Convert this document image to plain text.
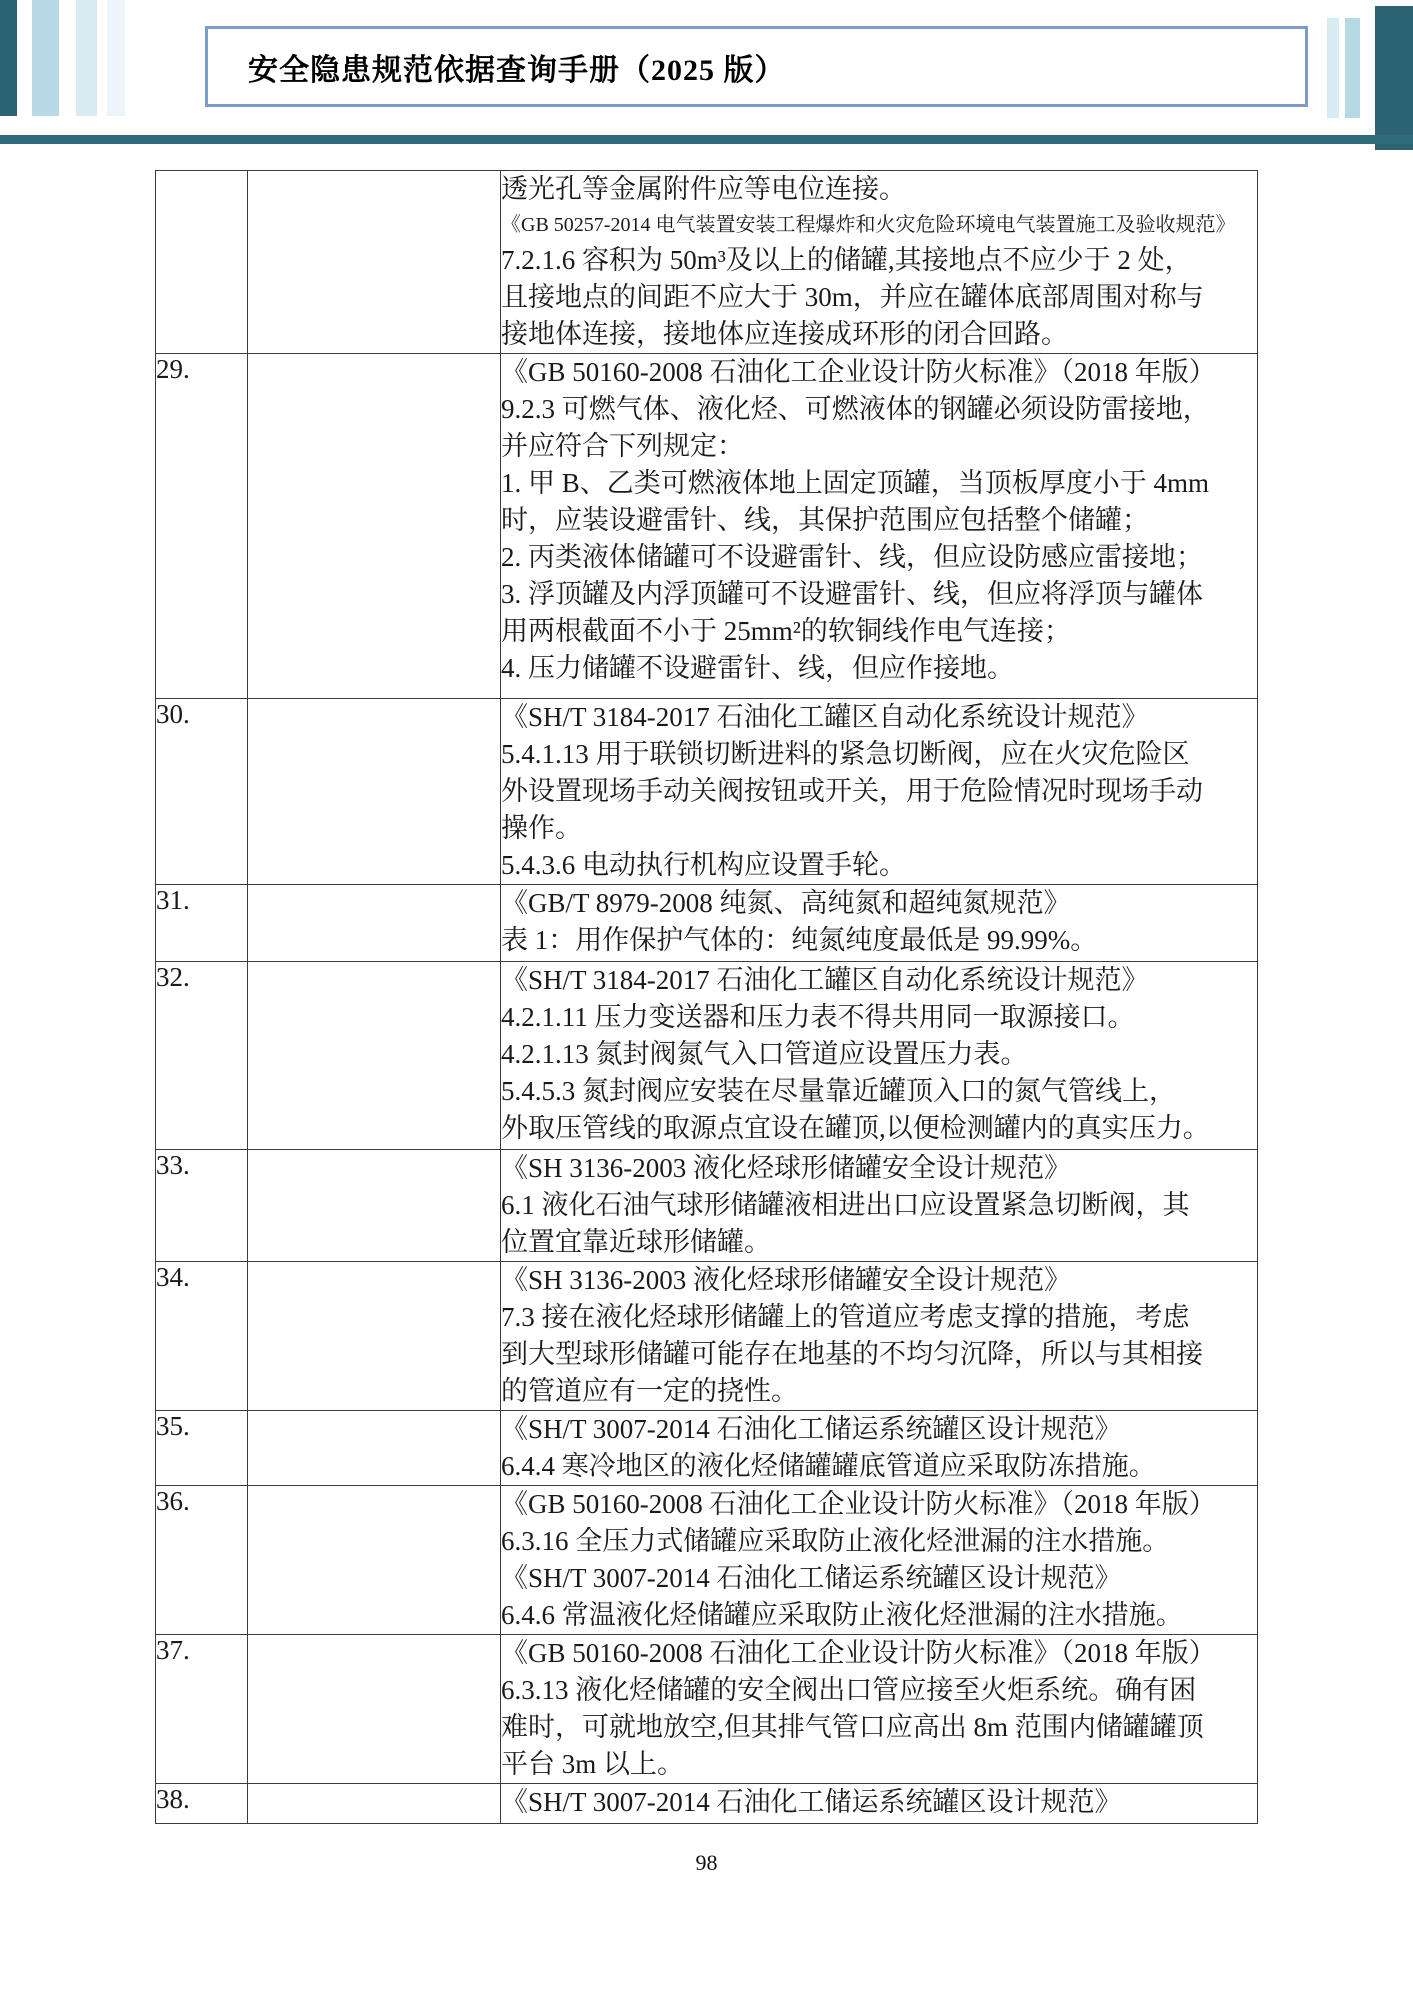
安全隐患规范依据查询手册（2025 版）

		透光孔等金属附件应等电位连接。
《GB 50257-2014 电气装置安装工程爆炸和火灾危险环境电气装置施工及验收规范》
7.2.1.6 容积为 50m³及以上的储罐,其接地点不应少于 2 处，
且接地点的间距不应大于 30m，并应在罐体底部周围对称与
接地体连接，接地体应连接成环形的闭合回路。

29.		《GB 50160-2008 石油化工企业设计防火标准》（2018 年版）
9.2.3 可燃气体、液化烃、可燃液体的钢罐必须设防雷接地，
并应符合下列规定：
1. 甲 B、乙类可燃液体地上固定顶罐，当顶板厚度小于 4mm
时，应装设避雷针、线，其保护范围应包括整个储罐；
2. 丙类液体储罐可不设避雷针、线，但应设防感应雷接地；
3. 浮顶罐及内浮顶罐可不设避雷针、线，但应将浮顶与罐体
用两根截面不小于 25mm²的软铜线作电气连接；
4. 压力储罐不设避雷针、线，但应作接地。

30.		《SH/T 3184-2017 石油化工罐区自动化系统设计规范》
5.4.1.13 用于联锁切断进料的紧急切断阀，应在火灾危险区
外设置现场手动关阀按钮或开关，用于危险情况时现场手动
操作。
5.4.3.6 电动执行机构应设置手轮。

31.		《GB/T 8979-2008 纯氮、高纯氮和超纯氮规范》
表 1：用作保护气体的：纯氮纯度最低是 99.99%。

32.		《SH/T 3184-2017 石油化工罐区自动化系统设计规范》
4.2.1.11 压力变送器和压力表不得共用同一取源接口。
4.2.1.13 氮封阀氮气入口管道应设置压力表。
5.4.5.3 氮封阀应安装在尽量靠近罐顶入口的氮气管线上，
外取压管线的取源点宜设在罐顶,以便检测罐内的真实压力。

33.		《SH 3136-2003 液化烃球形储罐安全设计规范》
6.1 液化石油气球形储罐液相进出口应设置紧急切断阀，其
位置宜靠近球形储罐。

34.		《SH 3136-2003 液化烃球形储罐安全设计规范》
7.3 接在液化烃球形储罐上的管道应考虑支撑的措施，考虑
到大型球形储罐可能存在地基的不均匀沉降，所以与其相接
的管道应有一定的挠性。

35.		《SH/T 3007-2014 石油化工储运系统罐区设计规范》
6.4.4 寒冷地区的液化烃储罐罐底管道应采取防冻措施。

36.		《GB 50160-2008 石油化工企业设计防火标准》（2018 年版）
6.3.16 全压力式储罐应采取防止液化烃泄漏的注水措施。
《SH/T 3007-2014 石油化工储运系统罐区设计规范》
6.4.6 常温液化烃储罐应采取防止液化烃泄漏的注水措施。

37.		《GB 50160-2008 石油化工企业设计防火标准》（2018 年版）
6.3.13 液化烃储罐的安全阀出口管应接至火炬系统。确有困
难时，可就地放空,但其排气管口应高出 8m 范围内储罐罐顶
平台 3m 以上。

38.		《SH/T 3007-2014 石油化工储运系统罐区设计规范》
98
